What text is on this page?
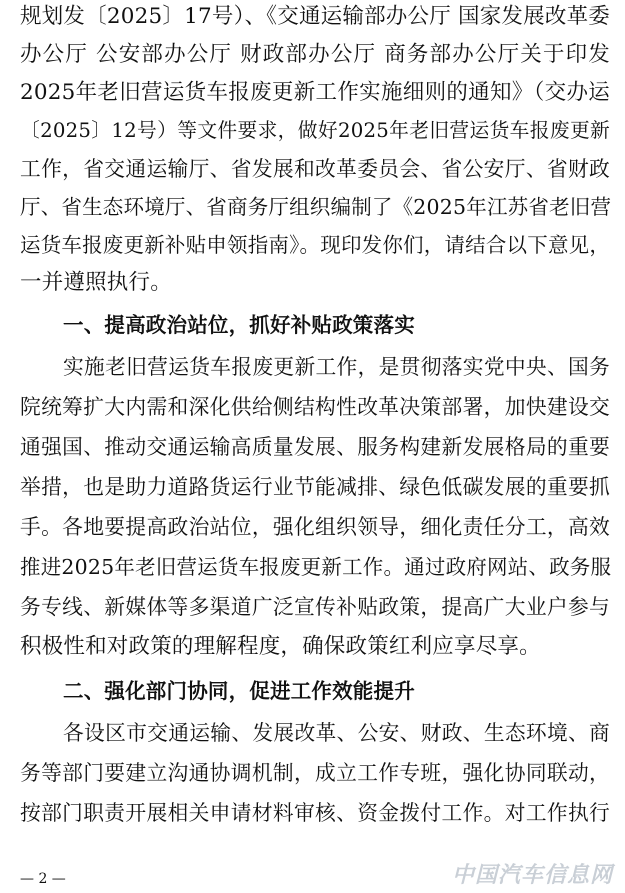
规划发〔2025〕17号）、《交通运输部办公厅 国家发展改革委
办公厅 公安部办公厅 财政部办公厅 商务部办公厅关于印发
2025年老旧营运货车报废更新工作实施细则的通知》（交办运
〔2025〕12号）等文件要求，做好2025年老旧营运货车报废更新
工作，省交通运输厅、省发展和改革委员会、省公安厅、省财政
厅、省生态环境厅、省商务厅组织编制了《2025年江苏省老旧营
运货车报废更新补贴申领指南》。现印发你们，请结合以下意见，
一并遵照执行。
一、提高政治站位，抓好补贴政策落实
实施老旧营运货车报废更新工作，是贯彻落实党中央、国务
院统筹扩大内需和深化供给侧结构性改革决策部署，加快建设交
通强国、推动交通运输高质量发展、服务构建新发展格局的重要
举措，也是助力道路货运行业节能减排、绿色低碳发展的重要抓
手。各地要提高政治站位，强化组织领导，细化责任分工，高效
推进2025年老旧营运货车报废更新工作。通过政府网站、政务服
务专线、新媒体等多渠道广泛宣传补贴政策，提高广大业户参与
积极性和对政策的理解程度，确保政策红利应享尽享。
二、强化部门协同，促进工作效能提升
各设区市交通运输、发展改革、公安、财政、生态环境、商
务等部门要建立沟通协调机制，成立工作专班，强化协同联动，
按部门职责开展相关申请材料审核、资金拨付工作。对工作执行
— 2 —	中国汽车信息网
